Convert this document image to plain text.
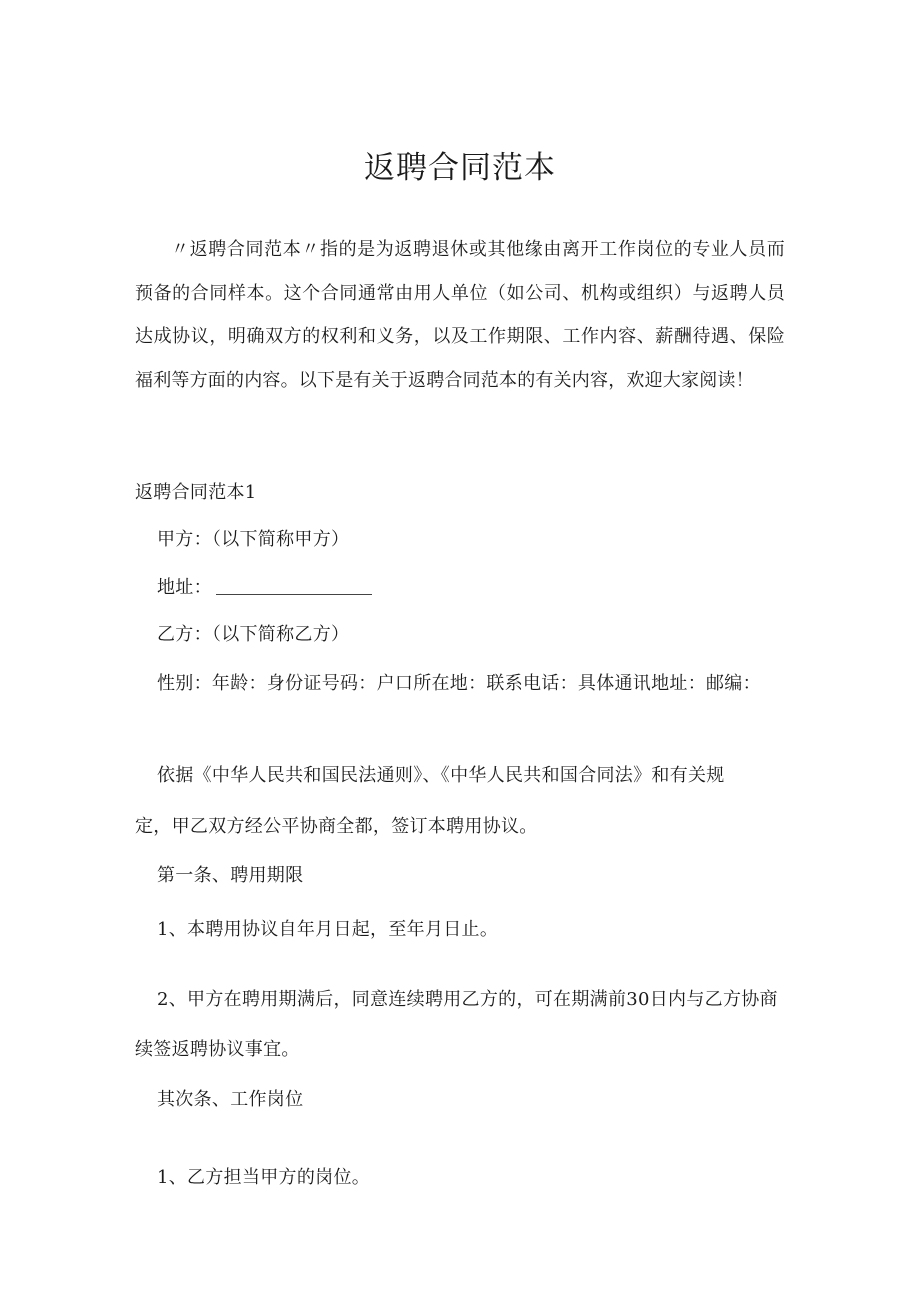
返聘合同范本
〃返聘合同范本〃指的是为返聘退休或其他缘由离开工作岗位的专业人员而预备的合同样本。这个合同通常由用人单位（如公司、机构或组织）与返聘人员达成协议，明确双方的权利和义务，以及工作期限、工作内容、薪酬待遇、保险福利等方面的内容。以下是有关于返聘合同范本的有关内容，欢迎大家阅读！
返聘合同范本1
甲方：（以下简称甲方）
地址：
乙方：（以下简称乙方）
性别：年龄：身份证号码：户口所在地：联系电话：具体通讯地址：邮编：
依据《中华人民共和国民法通则》、《中华人民共和国合同法》和有关规
定，甲乙双方经公平协商全都，签订本聘用协议。
第一条、聘用期限
1、本聘用协议自年月日起，至年月日止。
2、甲方在聘用期满后，同意连续聘用乙方的，可在期满前30日内与乙方协商
续签返聘协议事宜。
其次条、工作岗位
1、乙方担当甲方的岗位。
